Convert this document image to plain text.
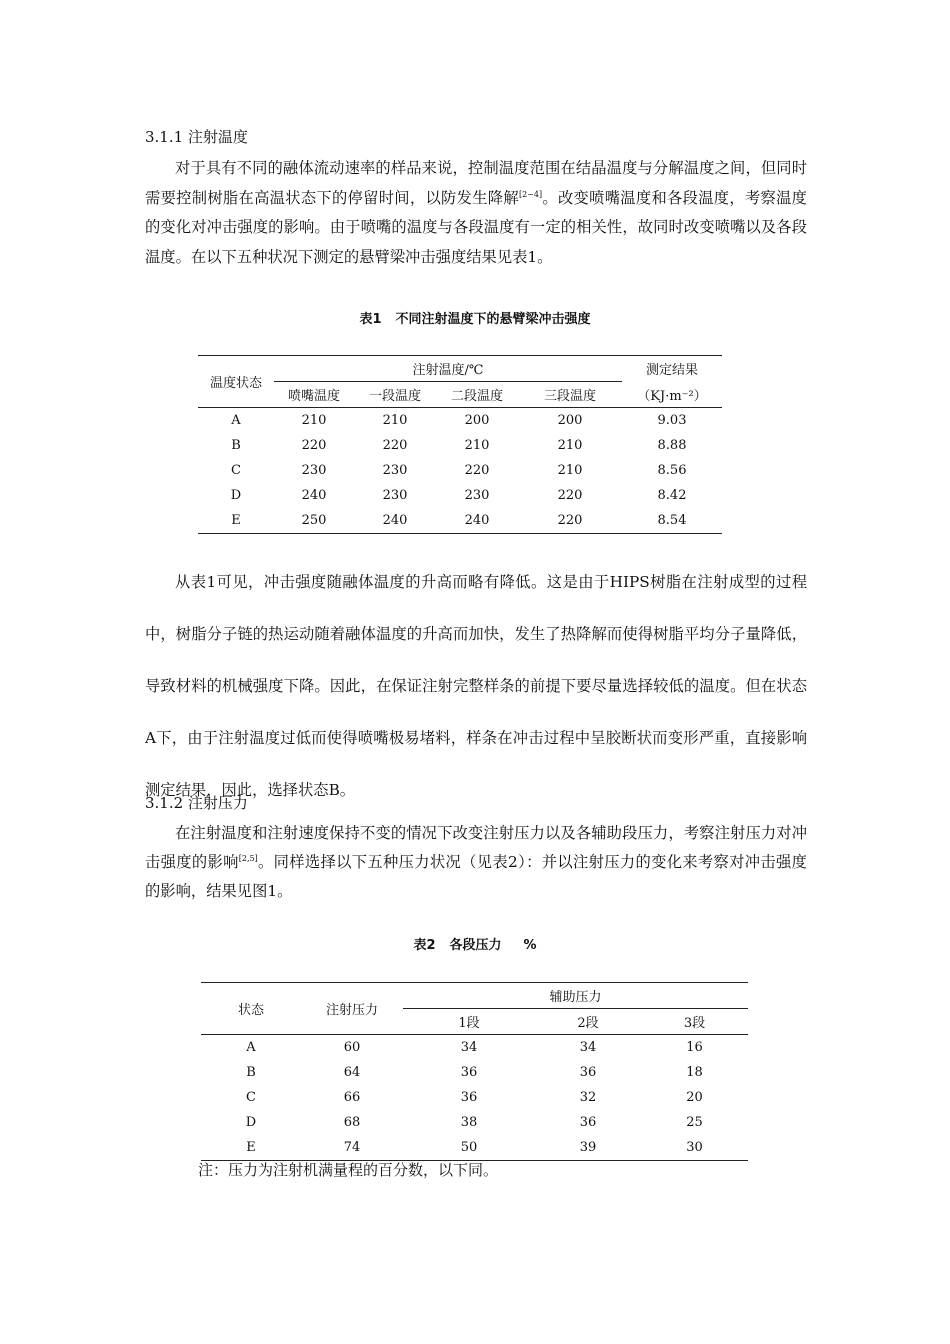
3.1.1 注射温度

对于具有不同的融体流动速率的样品来说，控制温度范围在结晶温度与分解温度之间，但同时需要控制树脂在高温状态下的停留时间，以防发生降解[2~4]。改变喷嘴温度和各段温度，考察温度的变化对冲击强度的影响。由于喷嘴的温度与各段温度有一定的相关性，故同时改变喷嘴以及各段温度。在以下五种状况下测定的悬臂梁冲击强度结果见表1。

表1 不同注射温度下的悬臂梁冲击强度

温度状态	注射温度/℃				测定结果
	喷嘴温度	一段温度	二段温度	三段温度	（KJ·m⁻²）
A	210	210	200	200	9.03
B	220	220	210	210	8.88
C	230	230	220	210	8.56
D	240	230	230	220	8.42
E	250	240	240	220	8.54

从表1可见，冲击强度随融体温度的升高而略有降低。这是由于HIPS树脂在注射成型的过程中，树脂分子链的热运动随着融体温度的升高而加快，发生了热降解而使得树脂平均分子量降低，导致材料的机械强度下降。因此，在保证注射完整样条的前提下要尽量选择较低的温度。但在状态A下，由于注射温度过低而使得喷嘴极易堵料，样条在冲击过程中呈胶断状而变形严重，直接影响测定结果，因此，选择状态B。

3.1.2 注射压力

在注射温度和注射速度保持不变的情况下改变注射压力以及各辅助段压力，考察注射压力对冲击强度的影响[2,5]。同样选择以下五种压力状况（见表2）：并以注射压力的变化来考察对冲击强度的影响，结果见图1。

表2 各段压力 %

状态	注射压力	辅助压力		
		1段	2段	3段
A	60	34	34	16
B	64	36	36	18
C	66	36	32	20
D	68	38	36	25
E	74	50	39	30

注：压力为注射机满量程的百分数，以下同。
